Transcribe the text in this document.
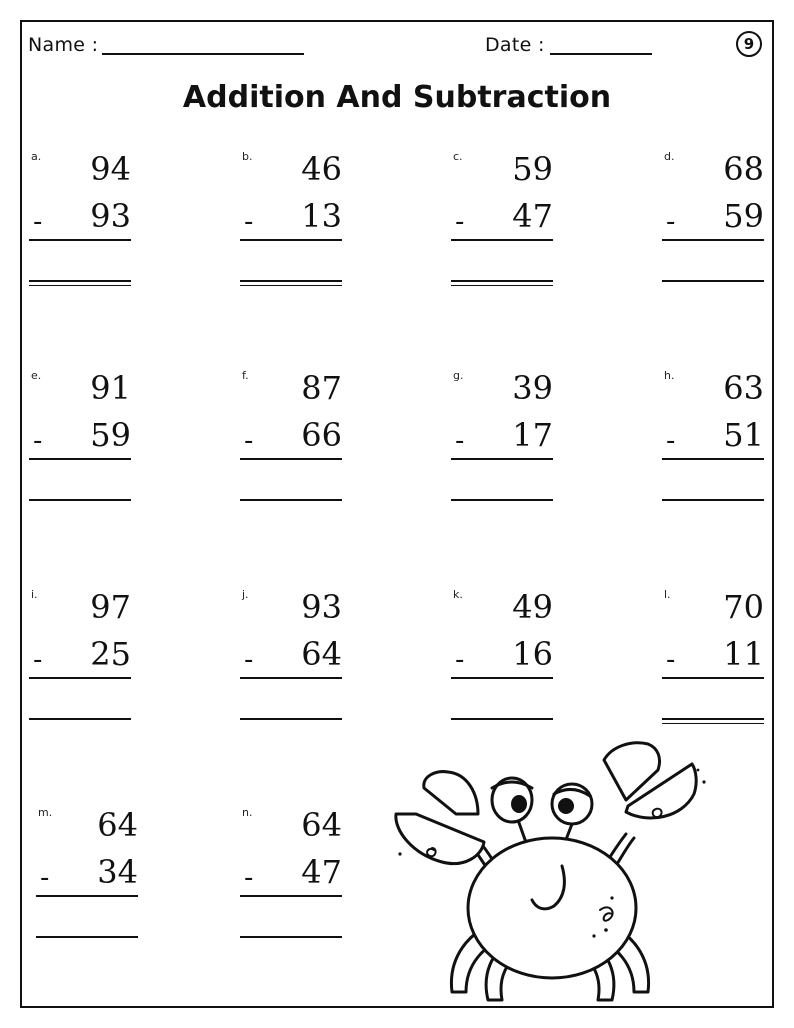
Name :	Date :	9
Addition And Subtraction
a. 94
- 93
b. 46
- 13
c. 59
- 47
d. 68
- 59
e. 91
- 59
f. 87
- 66
g. 39
- 17
h. 63
- 51
i. 97
- 25
j. 93
- 64
k. 49
- 16
l. 70
- 11
m. 64
- 34
n. 64
- 47
